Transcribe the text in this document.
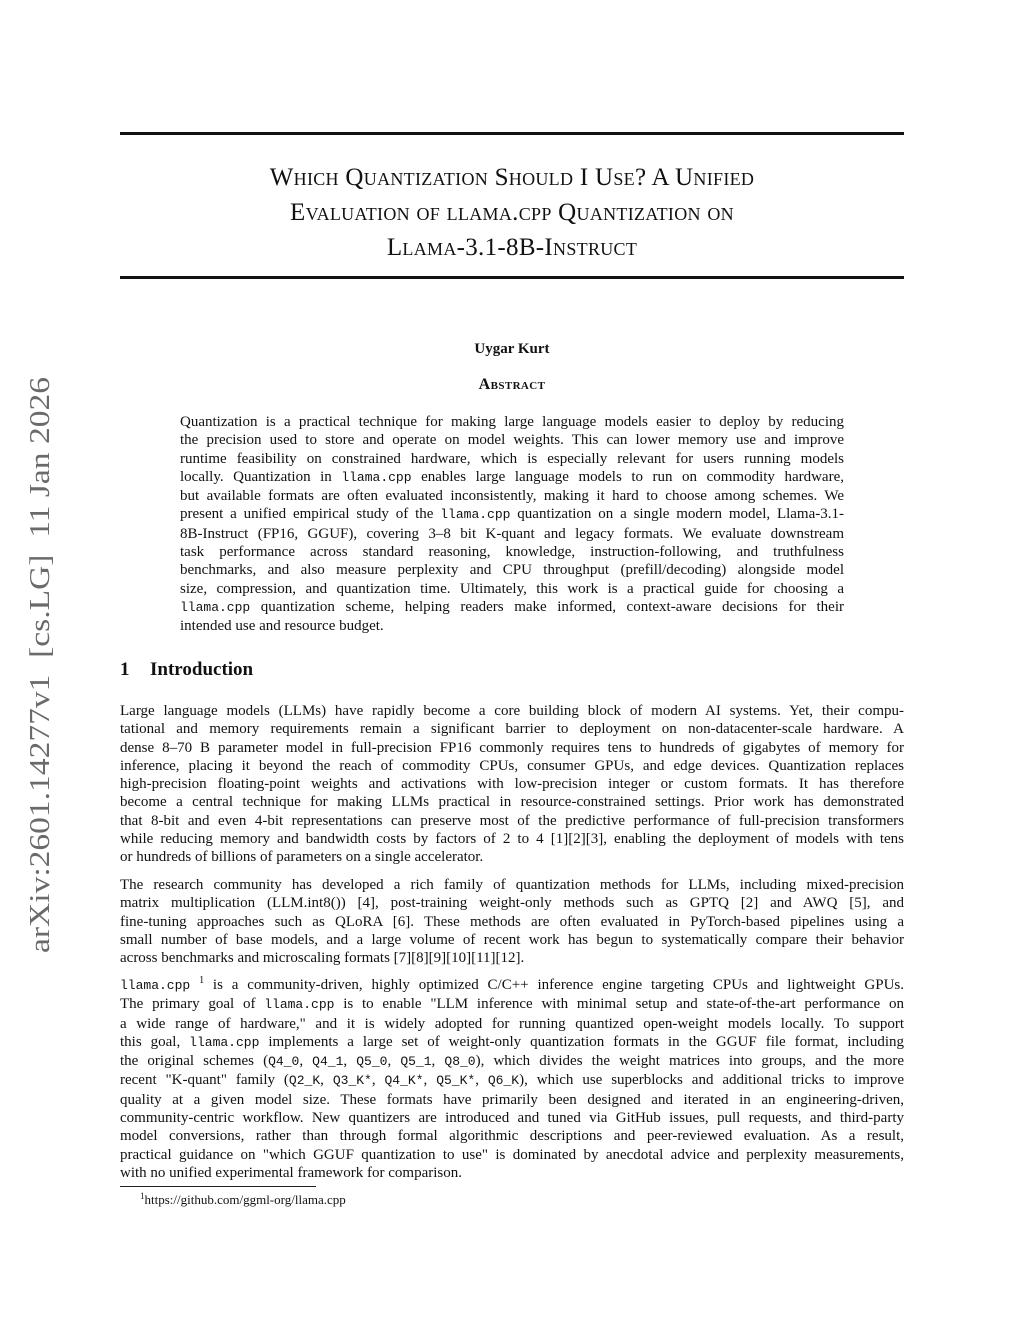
arXiv:2601.14277v1  [cs.LG]  11 Jan 2026
Which Quantization Should I Use? A Unified
Evaluation of llama.cpp Quantization on
Llama-3.1-8B-Instruct

Uygar Kurt

Abstract
Quantization is a practical technique for making large language models easier to deploy by reducing
the precision used to store and operate on model weights. This can lower memory use and improve
runtime feasibility on constrained hardware, which is especially relevant for users running models
locally. Quantization in llama.cpp enables large language models to run on commodity hardware,
but available formats are often evaluated inconsistently, making it hard to choose among schemes. We
present a unified empirical study of the llama.cpp quantization on a single modern model, Llama-3.1-
8B-Instruct (FP16, GGUF), covering 3–8 bit K-quant and legacy formats. We evaluate downstream
task performance across standard reasoning, knowledge, instruction-following, and truthfulness
benchmarks, and also measure perplexity and CPU throughput (prefill/decoding) alongside model
size, compression, and quantization time. Ultimately, this work is a practical guide for choosing a
llama.cpp quantization scheme, helping readers make informed, context-aware decisions for their
intended use and resource budget.
1 Introduction
Large language models (LLMs) have rapidly become a core building block of modern AI systems. Yet, their compu-
tational and memory requirements remain a significant barrier to deployment on non-datacenter-scale hardware. A
dense 8–70 B parameter model in full-precision FP16 commonly requires tens to hundreds of gigabytes of memory for
inference, placing it beyond the reach of commodity CPUs, consumer GPUs, and edge devices. Quantization replaces
high-precision floating-point weights and activations with low-precision integer or custom formats. It has therefore
become a central technique for making LLMs practical in resource-constrained settings. Prior work has demonstrated
that 8-bit and even 4-bit representations can preserve most of the predictive performance of full-precision transformers
while reducing memory and bandwidth costs by factors of 2 to 4 [1][2][3], enabling the deployment of models with tens
or hundreds of billions of parameters on a single accelerator.
The research community has developed a rich family of quantization methods for LLMs, including mixed-precision
matrix multiplication (LLM.int8()) [4], post-training weight-only methods such as GPTQ [2] and AWQ [5], and
fine-tuning approaches such as QLoRA [6]. These methods are often evaluated in PyTorch-based pipelines using a
small number of base models, and a large volume of recent work has begun to systematically compare their behavior
across benchmarks and microscaling formats [7][8][9][10][11][12].
llama.cpp $^1$ is a community-driven, highly optimized C/C++ inference engine targeting CPUs and lightweight GPUs.
The primary goal of llama.cpp is to enable "LLM inference with minimal setup and state-of-the-art performance on
a wide range of hardware," and it is widely adopted for running quantized open-weight models locally. To support
this goal, llama.cpp implements a large set of weight-only quantization formats in the GGUF file format, including
the original schemes (Q4_0, Q4_1, Q5_0, Q5_1, Q8_0), which divides the weight matrices into groups, and the more
recent "K-quant" family (Q2_K, Q3_K*, Q4_K*, Q5_K*, Q6_K), which use superblocks and additional tricks to improve
quality at a given model size. These formats have primarily been designed and iterated in an engineering-driven,
community-centric workflow. New quantizers are introduced and tuned via GitHub issues, pull requests, and third-party
model conversions, rather than through formal algorithmic descriptions and peer-reviewed evaluation. As a result,
practical guidance on "which GGUF quantization to use" is dominated by anecdotal advice and perplexity measurements,
with no unified experimental framework for comparison.

$^1$https://github.com/ggml-org/llama.cpp
